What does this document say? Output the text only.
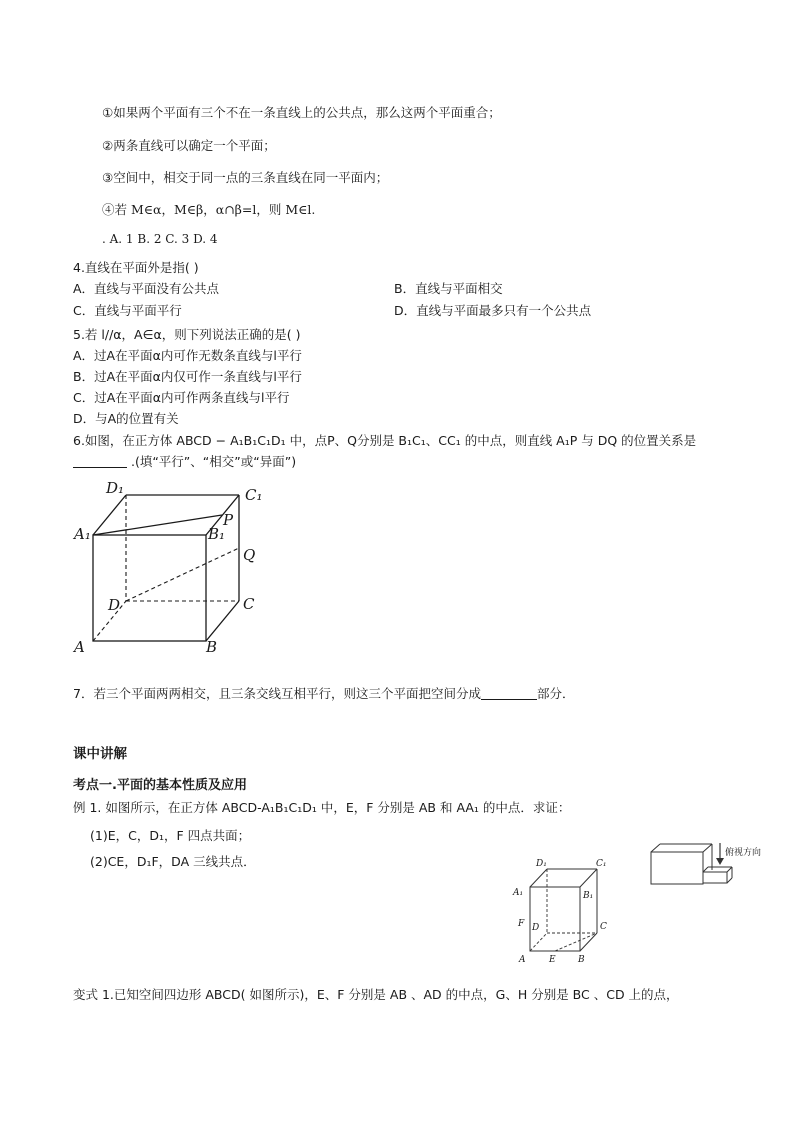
①如果两个平面有三个不在一条直线上的公共点，那么这两个平面重合；
②两条直线可以确定一个平面；
③空间中，相交于同一点的三条直线在同一平面内；
④若 M∈α，M∈β，α∩β=l，则 M∈l.
. A. 1 B. 2 C. 3 D. 4
4.直线在平面外是指( )
A．直线与平面没有公共点	B．直线与平面相交
C．直线与平面平行	D．直线与平面最多只有一个公共点
5.若 l//α，A∈α，则下列说法正确的是( )
A．过A在平面α内可作无数条直线与l平行
B．过A在平面α内仅可作一条直线与l平行
C．过A在平面α内可作两条直线与l平行
D．与A的位置有关
6.如图，在正方体 ABCD − A₁B₁C₁D₁ 中，点P、Q分别是 B₁C₁、CC₁ 的中点，则直线 A₁P 与 DQ 的位置关系是
.(填“平行”、“相交”或“异面”)
D₁	C₁
A₁	B₁
P
Q
D	C
A	B
7．若三个平面两两相交，且三条交线互相平行，则这三个平面把空间分成	部分．
课中讲解
考点一.平面的基本性质及应用
例 1. 如图所示，在正方体 ABCD-A₁B₁C₁D₁ 中，E，F 分别是 AB 和 AA₁ 的中点．求证：
(1)E，C，D₁，F 四点共面；
(2)CE，D₁F，DA 三线共点．	D₁	C₁
A₁	B₁
F D	C
A	E B
俯视方向
变式 1.已知空间四边形 ABCD( 如图所示)，E、F 分别是 AB 、AD 的中点，G、H 分别是 BC 、CD 上的点，
